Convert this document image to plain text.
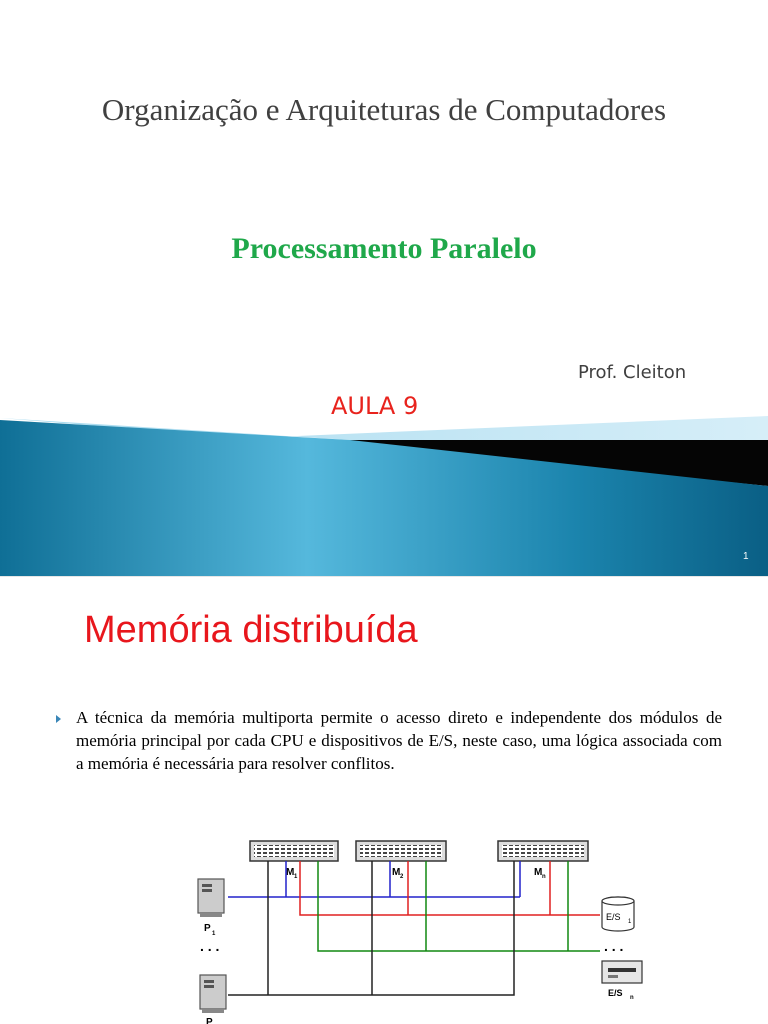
Organização e Arquiteturas de Computadores
Processamento Paralelo
Prof. Cleiton
AULA 9
1
Memória distribuída
A técnica da memória multiporta permite o acesso direto e independente dos módulos de memória principal por cada CPU e dispositivos de E/S, neste caso, uma lógica associada com a memória é necessária para resolver conflitos.
M 1	M 2	M n
P 1
. . .
P
E/S 1
. . .
E/S n
